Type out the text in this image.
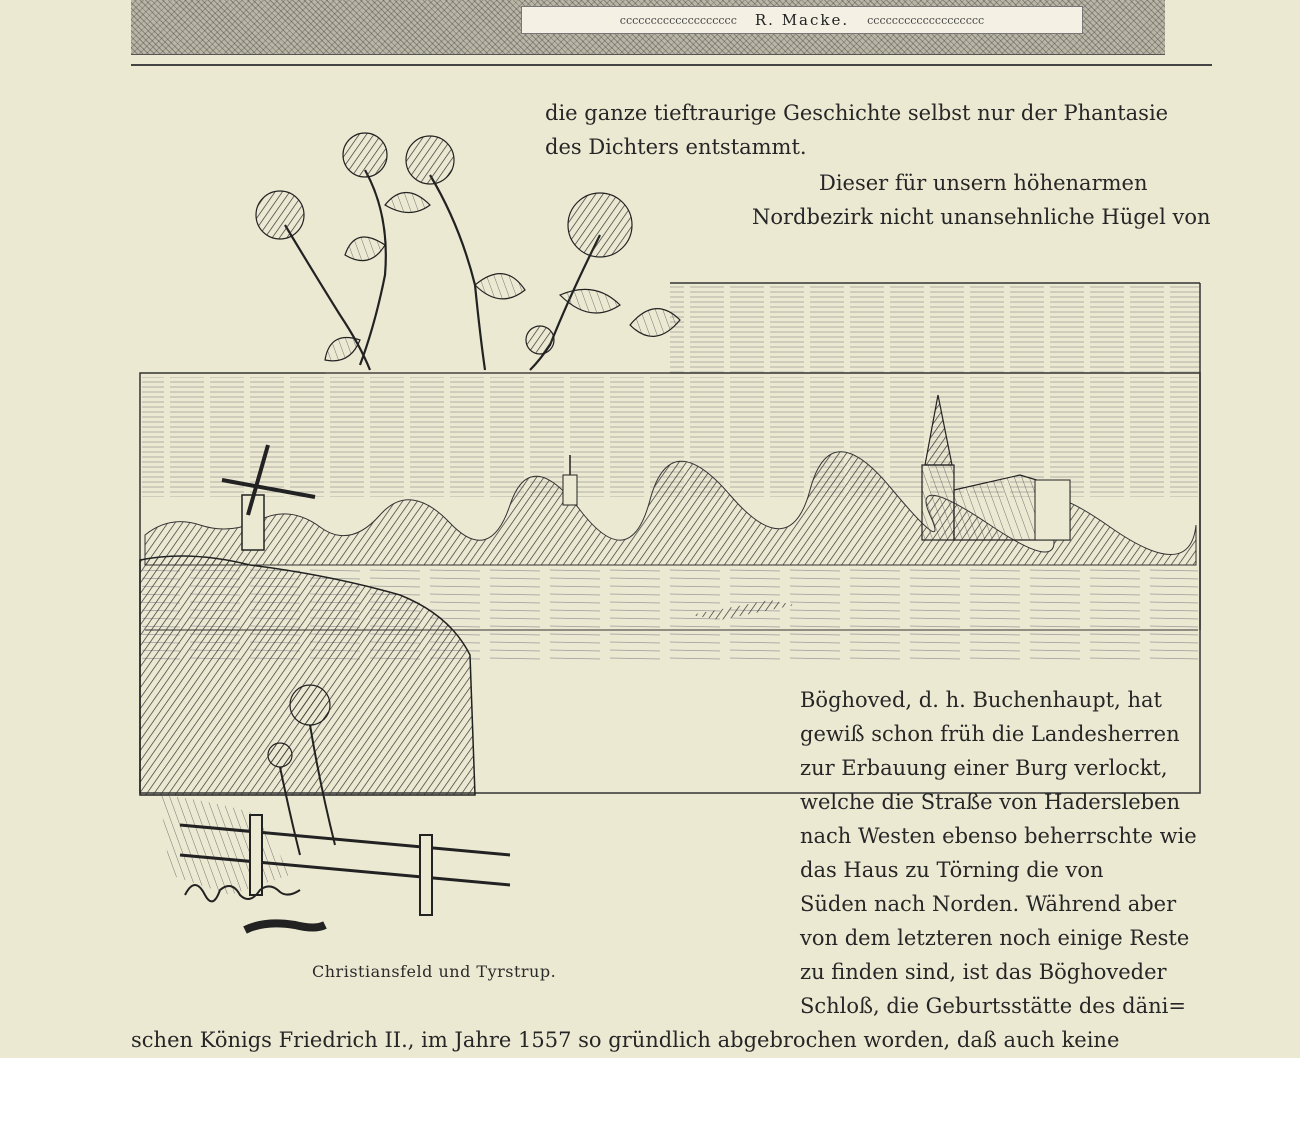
ccccccccccccccccccc R. Macke. ccccccccccccccccccc
die ganze tieftraurige Geschichte selbst nur der Phantasie
des Dichters entstammt.
Dieser für unsern höhenarmen
Nordbezirk nicht unansehnliche Hügel von
Böghoved, d. h. Buchenhaupt, hat
gewiß schon früh die Landesherren
zur Erbauung einer Burg verlockt,
welche die Straße von Hadersleben
nach Westen ebenso beherrschte wie
das Haus zu Törning die von
Süden nach Norden. Während aber
von dem letzteren noch einige Reste
zu finden sind, ist das Böghoveder
Schloß, die Geburtsstätte des däni=
schen Königs Friedrich II., im Jahre 1557 so gründlich abgebrochen worden, daß auch keine
Christiansfeld und Tyrstrup.
